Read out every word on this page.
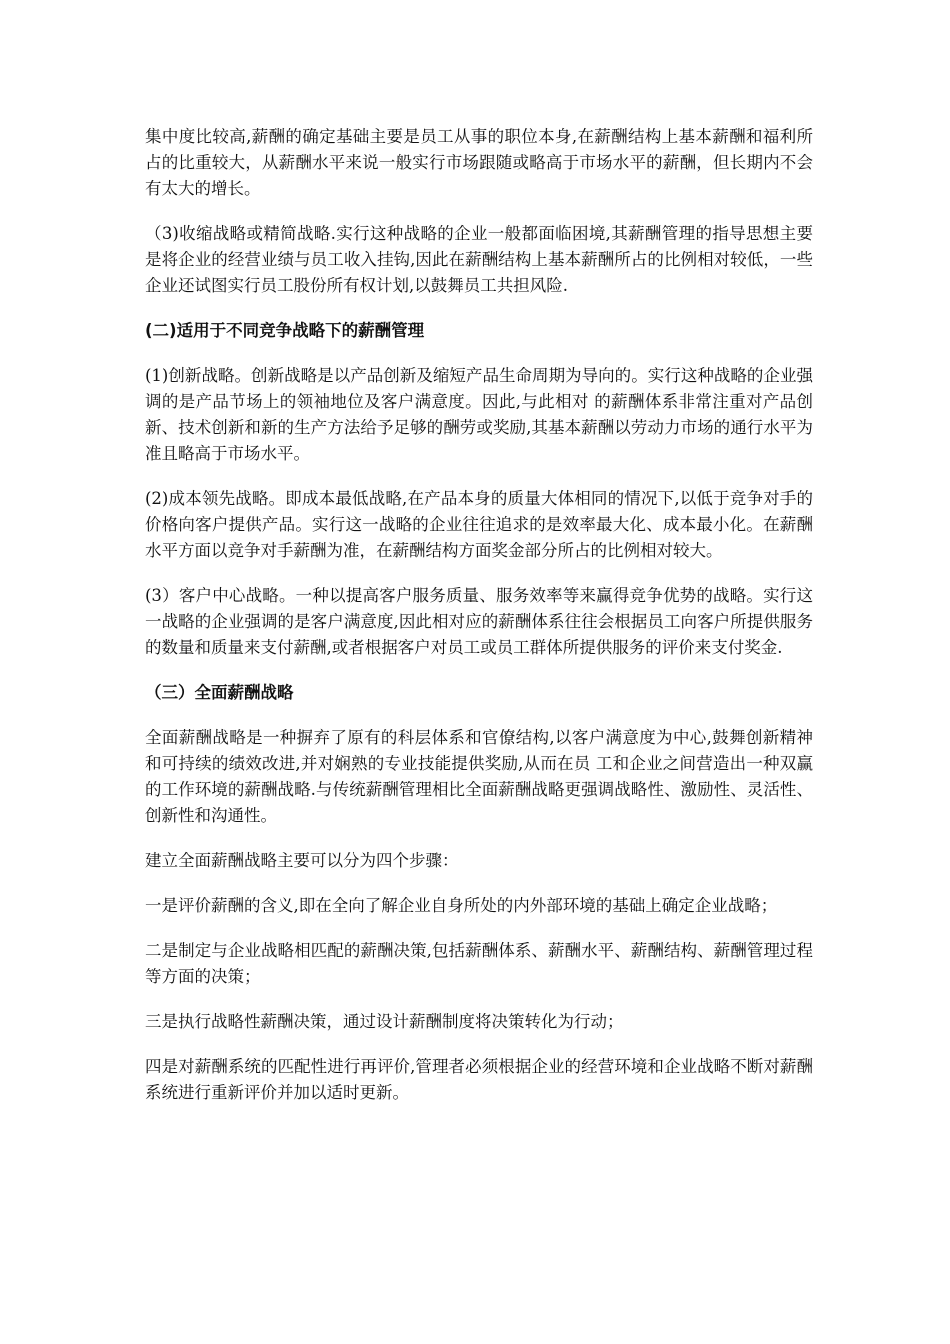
集中度比较高,薪酬的确定基础主要是员工从事的职位本身,在薪酬结构上基本薪酬和福利所占的比重较大，从薪酬水平来说一般实行市场跟随或略高于市场水平的薪酬，但长期内不会有太大的增长。

（3)收缩战略或精简战略.实行这种战略的企业一般都面临困境,其薪酬管理的指导思想主要是将企业的经营业绩与员工收入挂钩,因此在薪酬结构上基本薪酬所占的比例相对较低，一些企业还试图实行员工股份所有权计划,以鼓舞员工共担风险.

(二)适用于不同竞争战略下的薪酬管理

(1)创新战略。创新战略是以产品创新及缩短产品生命周期为导向的。实行这种战略的企业强调的是产品节场上的领袖地位及客户满意度。因此,与此相对 的薪酬体系非常注重对产品创新、技术创新和新的生产方法给予足够的酬劳或奖励,其基本薪酬以劳动力市场的通行水平为准且略高于市场水平。

(2)成本领先战略。即成本最低战略,在产品本身的质量大体相同的情况下,以低于竞争对手的价格向客户提供产品。实行这一战略的企业往往追求的是效率最大化、成本最小化。在薪酬水平方面以竞争对手薪酬为准，在薪酬结构方面奖金部分所占的比例相对较大。

(3）客户中心战略。一种以提高客户服务质量、服务效率等来赢得竞争优势的战略。实行这一战略的企业强调的是客户满意度,因此相对应的薪酬体系往往会根据员工向客户所提供服务的数量和质量来支付薪酬,或者根据客户对员工或员工群体所提供服务的评价来支付奖金.

（三）全面薪酬战略

全面薪酬战略是一种摒弃了原有的科层体系和官僚结构,以客户满意度为中心,鼓舞创新精神和可持续的绩效改进,并对娴熟的专业技能提供奖励,从而在员 工和企业之间营造出一种双赢的工作环境的薪酬战略.与传统薪酬管理相比全面薪酬战略更强调战略性、激励性、灵活性、创新性和沟通性。

建立全面薪酬战略主要可以分为四个步骤：

一是评价薪酬的含义,即在全向了解企业自身所处的内外部环境的基础上确定企业战略；

二是制定与企业战略相匹配的薪酬决策,包括薪酬体系、薪酬水平、薪酬结构、薪酬管理过程等方面的决策；

三是执行战略性薪酬决策，通过设计薪酬制度将决策转化为行动；

四是对薪酬系统的匹配性进行再评价,管理者必须根据企业的经营环境和企业战略不断对薪酬系统进行重新评价并加以适时更新。
